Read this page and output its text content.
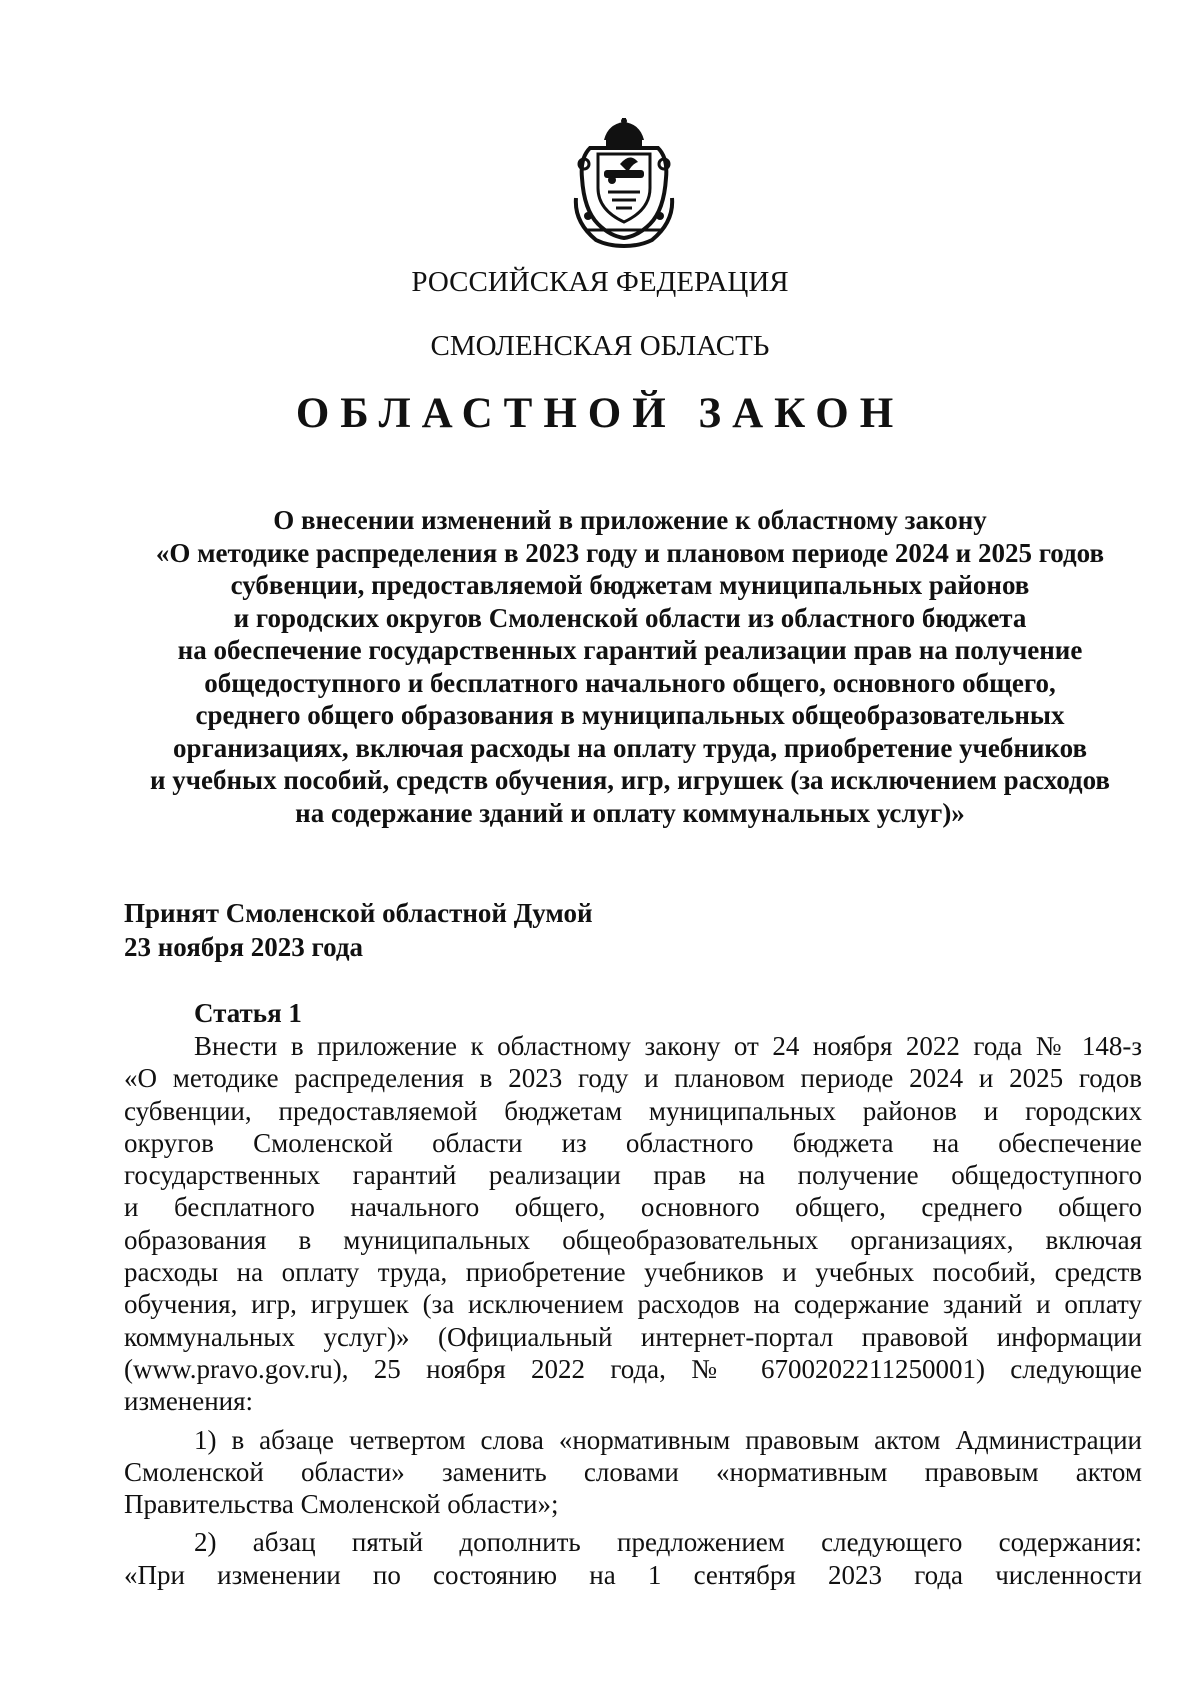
РОССИЙСКАЯ ФЕДЕРАЦИЯ
СМОЛЕНСКАЯ ОБЛАСТЬ
ОБЛАСТНОЙ ЗАКОН
О внесении изменений в приложение к областному закону
«О методике распределения в 2023 году и плановом периоде 2024 и 2025 годов
субвенции, предоставляемой бюджетам муниципальных районов
и городских округов Смоленской области из областного бюджета
на обеспечение государственных гарантий реализации прав на получение
общедоступного и бесплатного начального общего, основного общего,
среднего общего образования в муниципальных общеобразовательных
организациях, включая расходы на оплату труда, приобретение учебников
и учебных пособий, средств обучения, игр, игрушек (за исключением расходов
на содержание зданий и оплату коммунальных услуг)»
Принят Смоленской областной Думой
23 ноября 2023 года
Статья 1
Внести в приложение к областному закону от 24 ноября 2022 года № 148-з
«О методике распределения в 2023 году и плановом периоде 2024 и 2025 годов
субвенции, предоставляемой бюджетам муниципальных районов и городских
округов Смоленской области из областного бюджета на обеспечение
государственных гарантий реализации прав на получение общедоступного
и бесплатного начального общего, основного общего, среднего общего
образования в муниципальных общеобразовательных организациях, включая
расходы на оплату труда, приобретение учебников и учебных пособий, средств
обучения, игр, игрушек (за исключением расходов на содержание зданий и оплату
коммунальных услуг)» (Официальный интернет-портал правовой информации
(www.pravo.gov.ru), 25 ноября 2022 года, № 6700202211250001) следующие
изменения:
1) в абзаце четвертом слова «нормативным правовым актом Администрации
Смоленской области» заменить словами «нормативным правовым актом
Правительства Смоленской области»;
2) абзац пятый дополнить предложением следующего содержания:
«При изменении по состоянию на 1 сентября 2023 года численности
